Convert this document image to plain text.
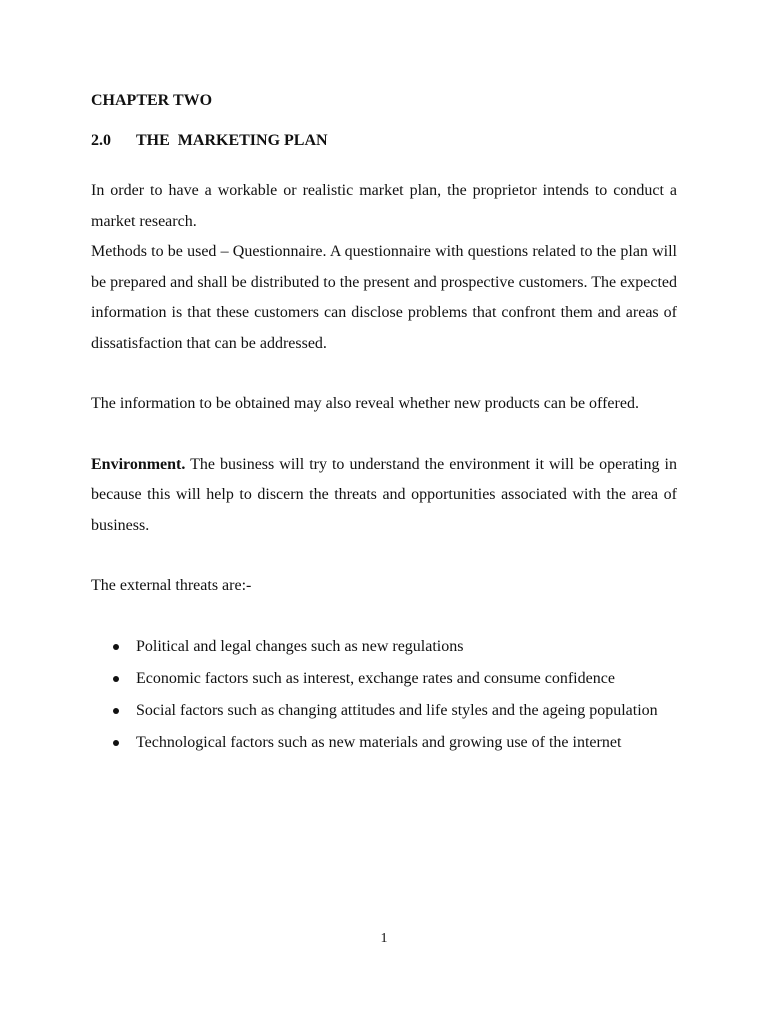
CHAPTER TWO

2.0	THE  MARKETING PLAN

In order to have a workable or realistic market plan, the proprietor intends to conduct a market research.

Methods to be used – Questionnaire. A questionnaire with questions related to the plan will be prepared and shall be distributed to the present and prospective customers. The expected information is that these customers can disclose problems that confront them and areas of dissatisfaction that can be addressed.

The information to be obtained may also reveal whether new products can be offered.

Environment. The business will try to understand the environment it will be operating in because this will help to discern the threats and opportunities associated with the area of business.

The external threats are:-

Political and legal changes such as new regulations
Economic factors such as interest, exchange rates and consume confidence
Social factors such as changing attitudes and life styles and the ageing population
Technological factors such as new materials and growing use of the internet
1
